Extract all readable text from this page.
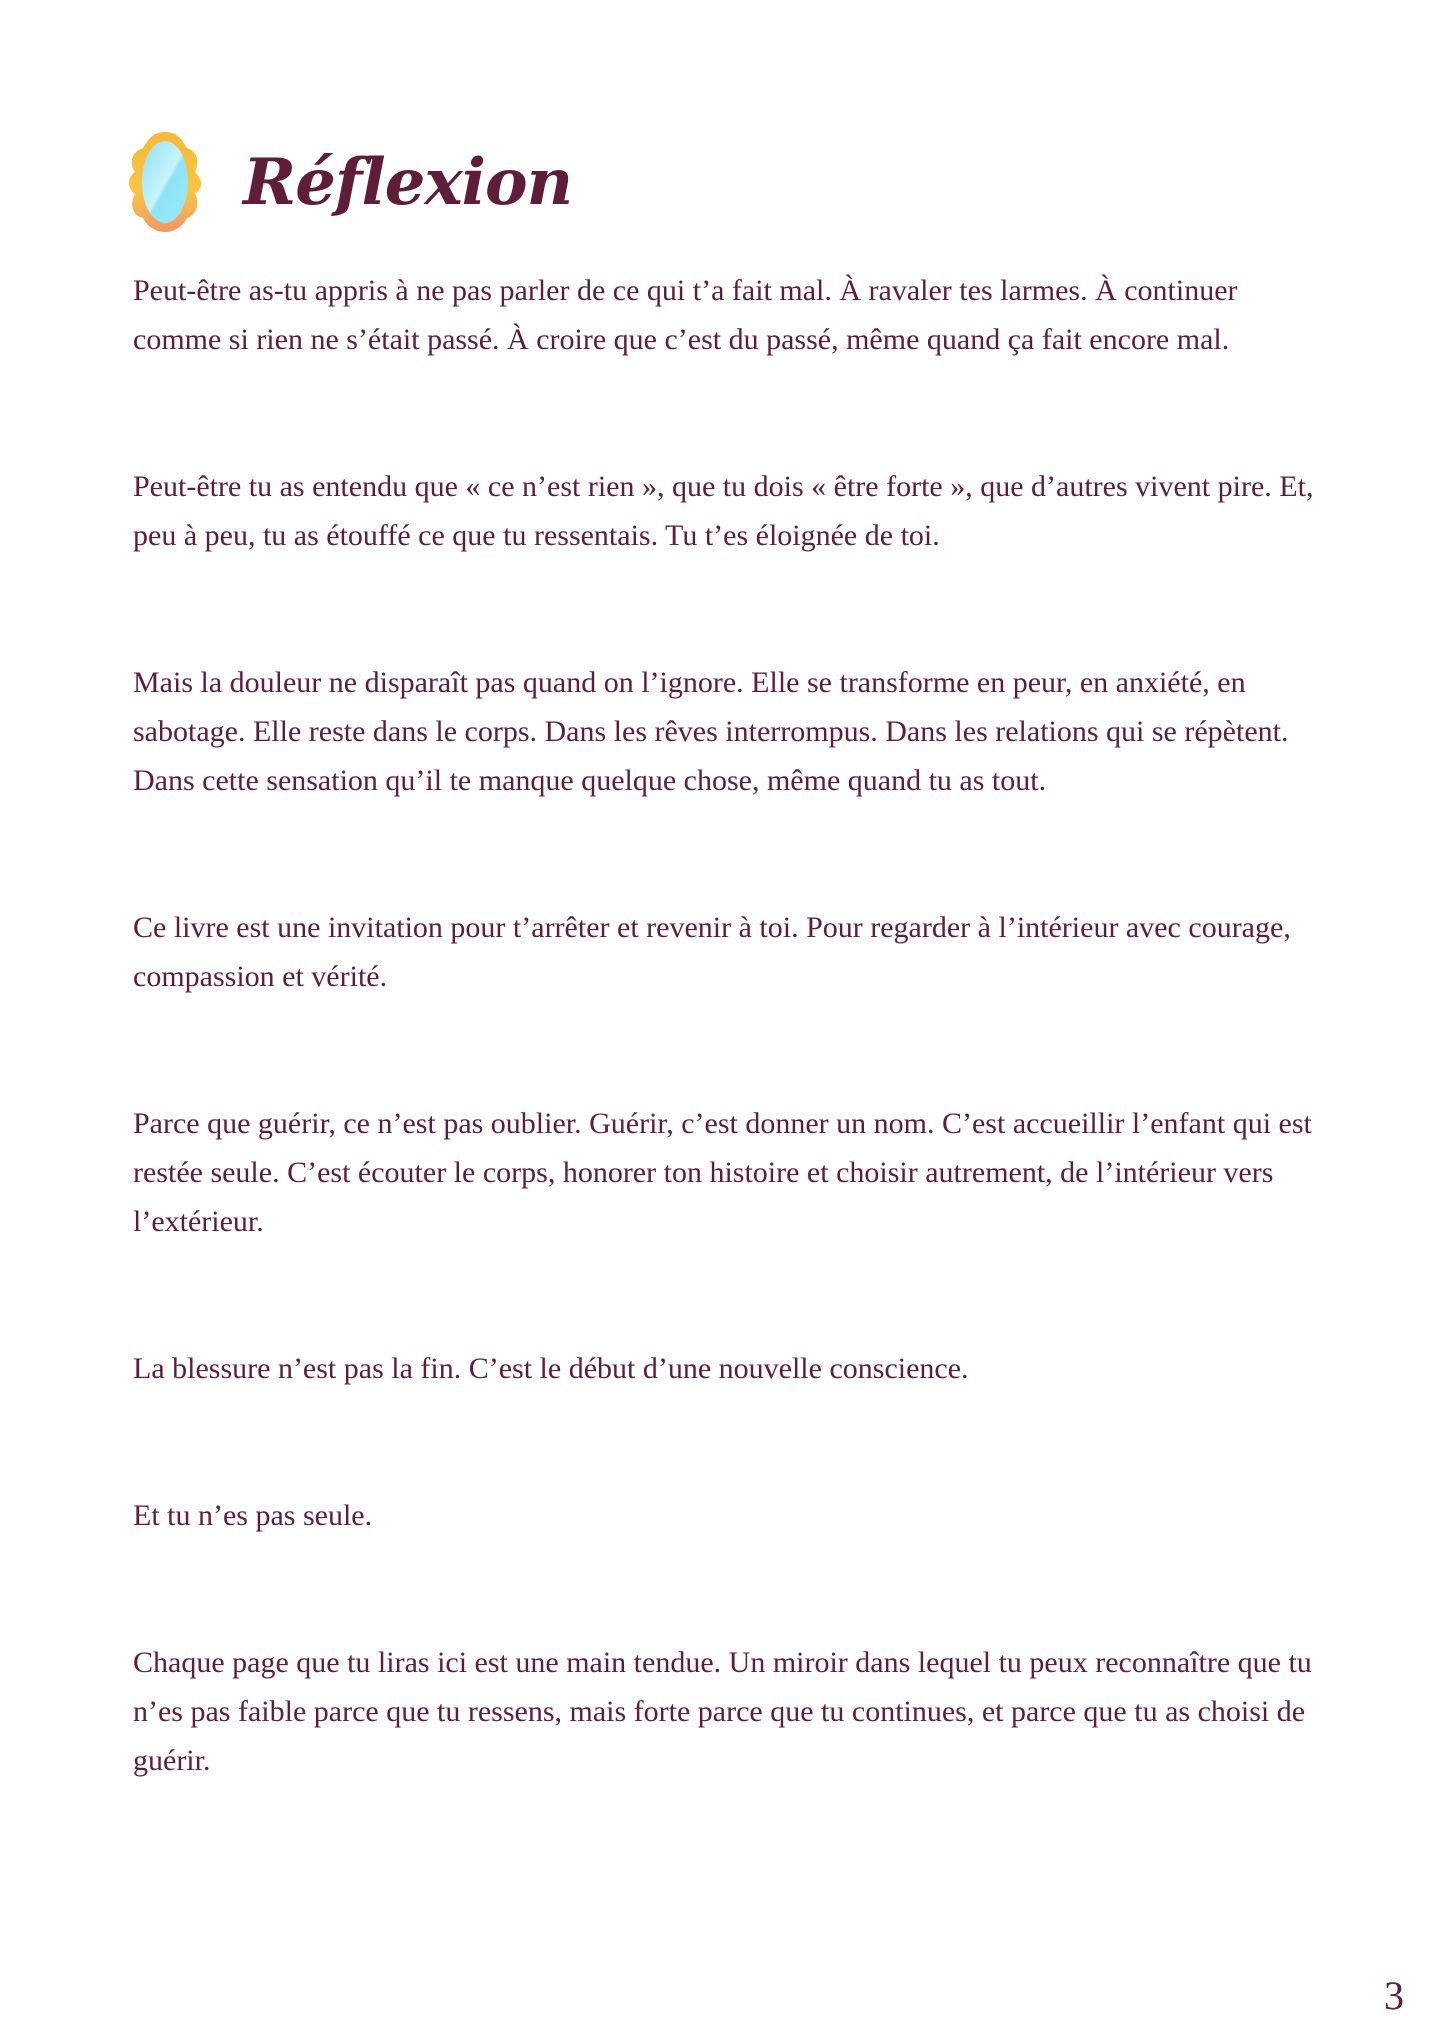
Réflexion

Peut-être as-tu appris à ne pas parler de ce qui t’a fait mal. À ravaler tes larmes. À continuer comme si rien ne s’était passé. À croire que c’est du passé, même quand ça fait encore mal.

Peut-être tu as entendu que « ce n’est rien », que tu dois « être forte », que d’autres vivent pire. Et, peu à peu, tu as étouffé ce que tu ressentais. Tu t’es éloignée de toi.

Mais la douleur ne disparaît pas quand on l’ignore. Elle se transforme en peur, en anxiété, en sabotage. Elle reste dans le corps. Dans les rêves interrompus. Dans les relations qui se répètent. Dans cette sensation qu’il te manque quelque chose, même quand tu as tout.

Ce livre est une invitation pour t’arrêter et revenir à toi. Pour regarder à l’intérieur avec courage, compassion et vérité.

Parce que guérir, ce n’est pas oublier. Guérir, c’est donner un nom. C’est accueillir l’enfant qui est restée seule. C’est écouter le corps, honorer ton histoire et choisir autrement, de l’intérieur vers l’extérieur.

La blessure n’est pas la fin. C’est le début d’une nouvelle conscience.

Et tu n’es pas seule.

Chaque page que tu liras ici est une main tendue. Un miroir dans lequel tu peux reconnaître que tu n’es pas faible parce que tu ressens, mais forte parce que tu continues, et parce que tu as choisi de guérir.

3
